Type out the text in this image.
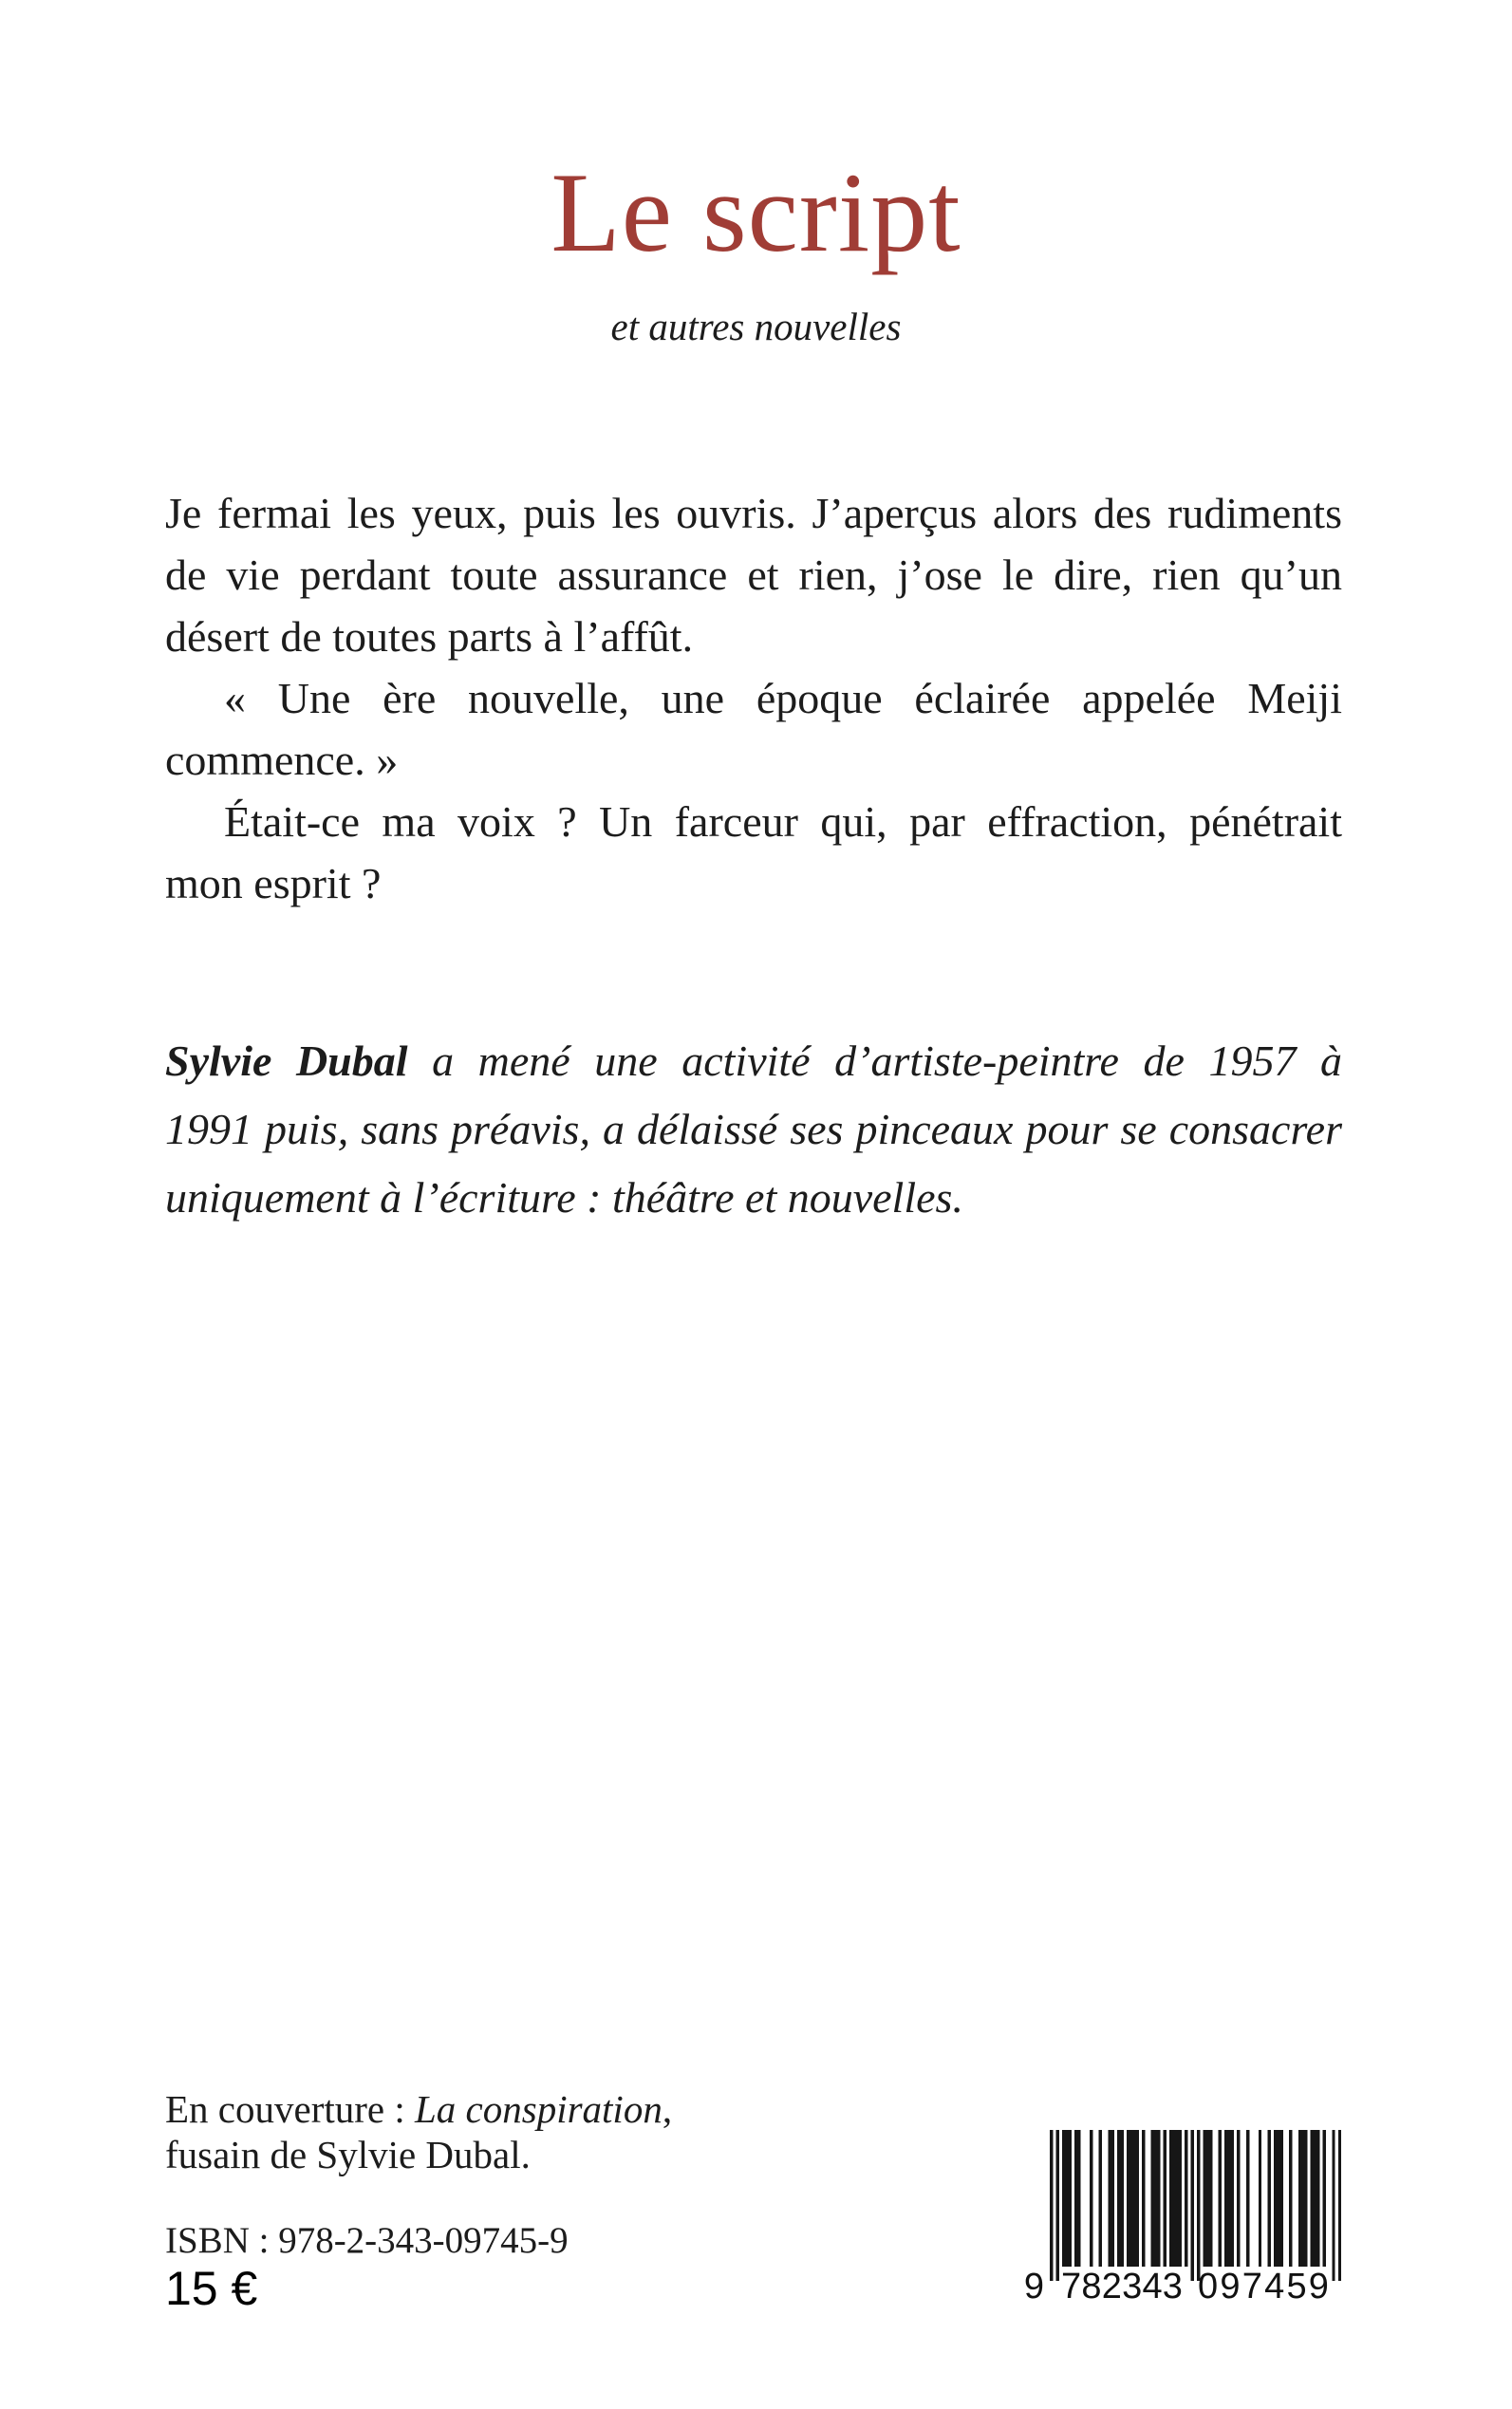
Le script
et autres nouvelles
Je fermai les yeux, puis les ouvris. J’aperçus alors des rudiments
de vie perdant toute assurance et rien, j’ose le dire, rien qu’un
désert de toutes parts à l’affût.
« Une ère nouvelle, une époque éclairée appelée Meiji
commence. »
Était-ce ma voix ? Un farceur qui, par effraction, pénétrait
mon esprit ?
Sylvie Dubal a mené une activité d’artiste-peintre de 1957 à
1991 puis, sans préavis, a délaissé ses pinceaux pour se consacrer
uniquement à l’écriture : théâtre et nouvelles.
En couverture : La conspiration,
fusain de Sylvie Dubal.
ISBN : 978-2-343-09745-9
15 €	9 7 8 2 3 4 3 0 9 7 4 5 9
